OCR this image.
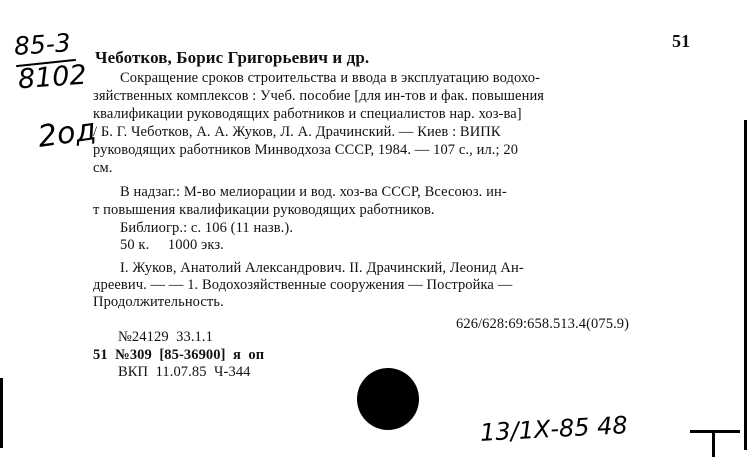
85-3
8102
2од
51
Чеботков, Борис Григорьевич и др.
Сокращение сроков строительства и ввода в эксплуатацию водохо-
зяйственных комплексов : Учеб. пособие [для ин-тов и фак. повышения
квалификации руководящих работников и специалистов нар. хоз-ва]
/ Б. Г. Чеботков, А. А. Жуков, Л. А. Драчинский. — Киев : ВИПК
руководящих работников Минводхоза СССР, 1984. — 107 с., ил.; 20
см.
В надзаг.: М-во мелиорации и вод. хоз-ва СССР, Всесоюз. ин-
т повышения квалификации руководящих работников.
Библиогр.: с. 106 (11 назв.).
50 к.     1000 экз.
I. Жуков, Анатолий Александрович. II. Драчинский, Леонид Ан-
дреевич. — — 1. Водохозяйственные сооружения — Постройка —
Продолжительность.
626/628:69:658.513.4(075.9)
№24129  33.1.1
51  №309  [85-36900]  я  оп
ВКП  11.07.85  Ч-344
13/1Х-85 48
